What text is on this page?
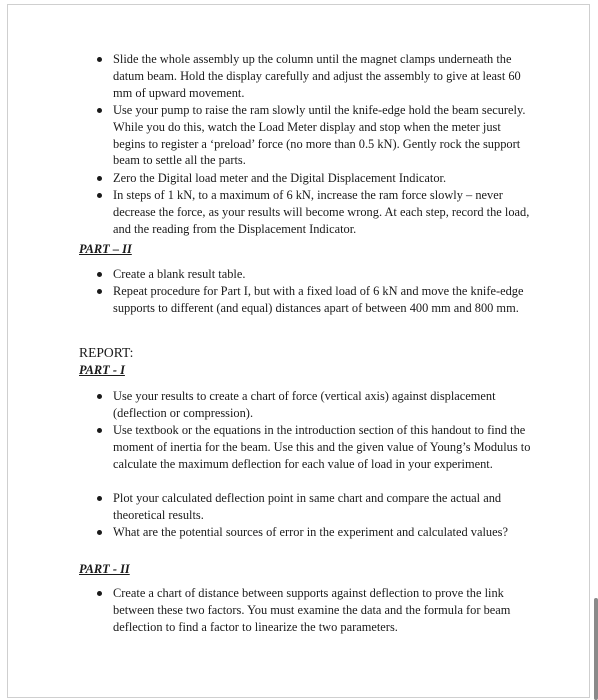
Slide the whole assembly up the column until the magnet clamps underneath the datum beam. Hold the display carefully and adjust the assembly to give at least 60 mm of upward movement.
Use your pump to raise the ram slowly until the knife-edge hold the beam securely. While you do this, watch the Load Meter display and stop when the meter just begins to register a ‘preload’ force (no more than 0.5 kN). Gently rock the support beam to settle all the parts.
Zero the Digital load meter and the Digital Displacement Indicator.
In steps of 1 kN, to a maximum of 6 kN, increase the ram force slowly – never decrease the force, as your results will become wrong. At each step, record the load, and the reading from the Displacement Indicator.
PART – II
Create a blank result table.
Repeat procedure for Part I, but with a fixed load of 6 kN and move the knife-edge supports to different (and equal) distances apart of between 400 mm and 800 mm.
REPORT:
PART - I
Use your results to create a chart of force (vertical axis) against displacement (deflection or compression).
Use textbook or the equations in the introduction section of this handout to find the moment of inertia for the beam. Use this and the given value of Young’s Modulus to calculate the maximum deflection for each value of load in your experiment.
Plot your calculated deflection point in same chart and compare the actual and theoretical results.
What are the potential sources of error in the experiment and calculated values?
PART - II
Create a chart of distance between supports against deflection to prove the link between these two factors. You must examine the data and the formula for beam deflection to find a factor to linearize the two parameters.
